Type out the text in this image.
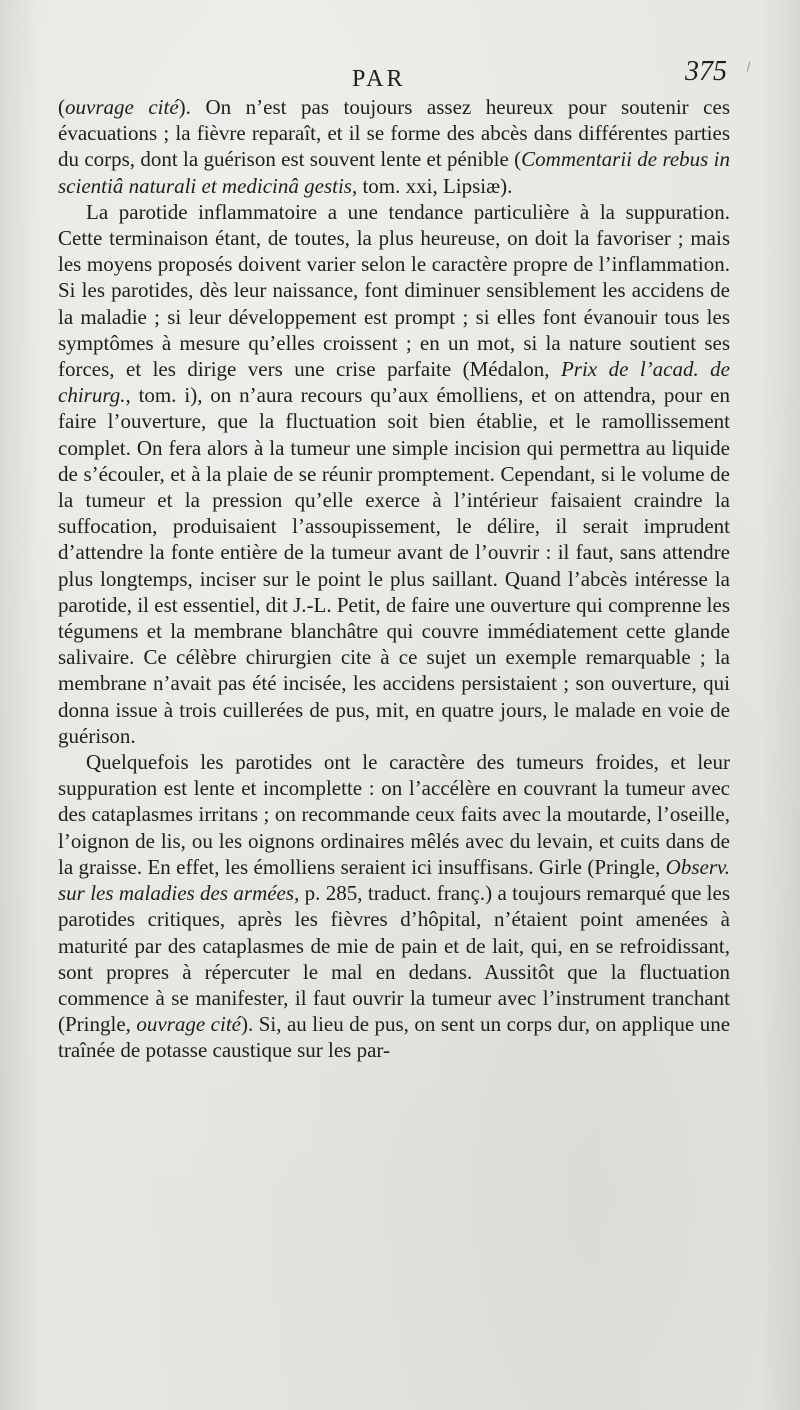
PAR	375

(ouvrage cité). On n’est pas toujours assez heureux pour soutenir ces évacuations ; la fièvre reparaît, et il se forme des abcès dans différentes parties du corps, dont la guérison est souvent lente et pénible (Commentarii de rebus in scientiâ naturali et medicinâ gestis, tom. xxi, Lipsiæ).

La parotide inflammatoire a une tendance particulière à la suppuration. Cette terminaison étant, de toutes, la plus heureuse, on doit la favoriser ; mais les moyens proposés doivent varier selon le caractère propre de l’inflammation. Si les parotides, dès leur naissance, font diminuer sensiblement les accidens de la maladie ; si leur développement est prompt ; si elles font évanouir tous les symptômes à mesure qu’elles croissent ; en un mot, si la nature soutient ses forces, et les dirige vers une crise parfaite (Médalon, Prix de l’acad. de chirurg., tom. i), on n’aura recours qu’aux émolliens, et on attendra, pour en faire l’ouverture, que la fluctuation soit bien établie, et le ramollissement complet. On fera alors à la tumeur une simple incision qui permettra au liquide de s’écouler, et à la plaie de se réunir promptement. Cependant, si le volume de la tumeur et la pression qu’elle exerce à l’intérieur faisaient craindre la suffocation, produisaient l’assoupissement, le délire, il serait imprudent d’attendre la fonte entière de la tumeur avant de l’ouvrir : il faut, sans attendre plus longtemps, inciser sur le point le plus saillant. Quand l’abcès intéresse la parotide, il est essentiel, dit J.-L. Petit, de faire une ouverture qui comprenne les tégumens et la membrane blanchâtre qui couvre immédiatement cette glande salivaire. Ce célèbre chirurgien cite à ce sujet un exemple remarquable ; la membrane n’avait pas été incisée, les accidens persistaient ; son ouverture, qui donna issue à trois cuillerées de pus, mit, en quatre jours, le malade en voie de guérison.

Quelquefois les parotides ont le caractère des tumeurs froides, et leur suppuration est lente et incomplette : on l’accélère en couvrant la tumeur avec des cataplasmes irritans ; on recommande ceux faits avec la moutarde, l’oseille, l’oignon de lis, ou les oignons ordinaires mêlés avec du levain, et cuits dans de la graisse. En effet, les émolliens seraient ici insuffisans. Girle (Pringle, Observ. sur les maladies des armées, p. 285, traduct. franç.) a toujours remarqué que les parotides critiques, après les fièvres d’hôpital, n’étaient point amenées à maturité par des cataplasmes de mie de pain et de lait, qui, en se refroidissant, sont propres à répercuter le mal en dedans. Aussitôt que la fluctuation commence à se manifester, il faut ouvrir la tumeur avec l’instrument tranchant (Pringle, ouvrage cité). Si, au lieu de pus, on sent un corps dur, on applique une traînée de potasse caustique sur les par-
